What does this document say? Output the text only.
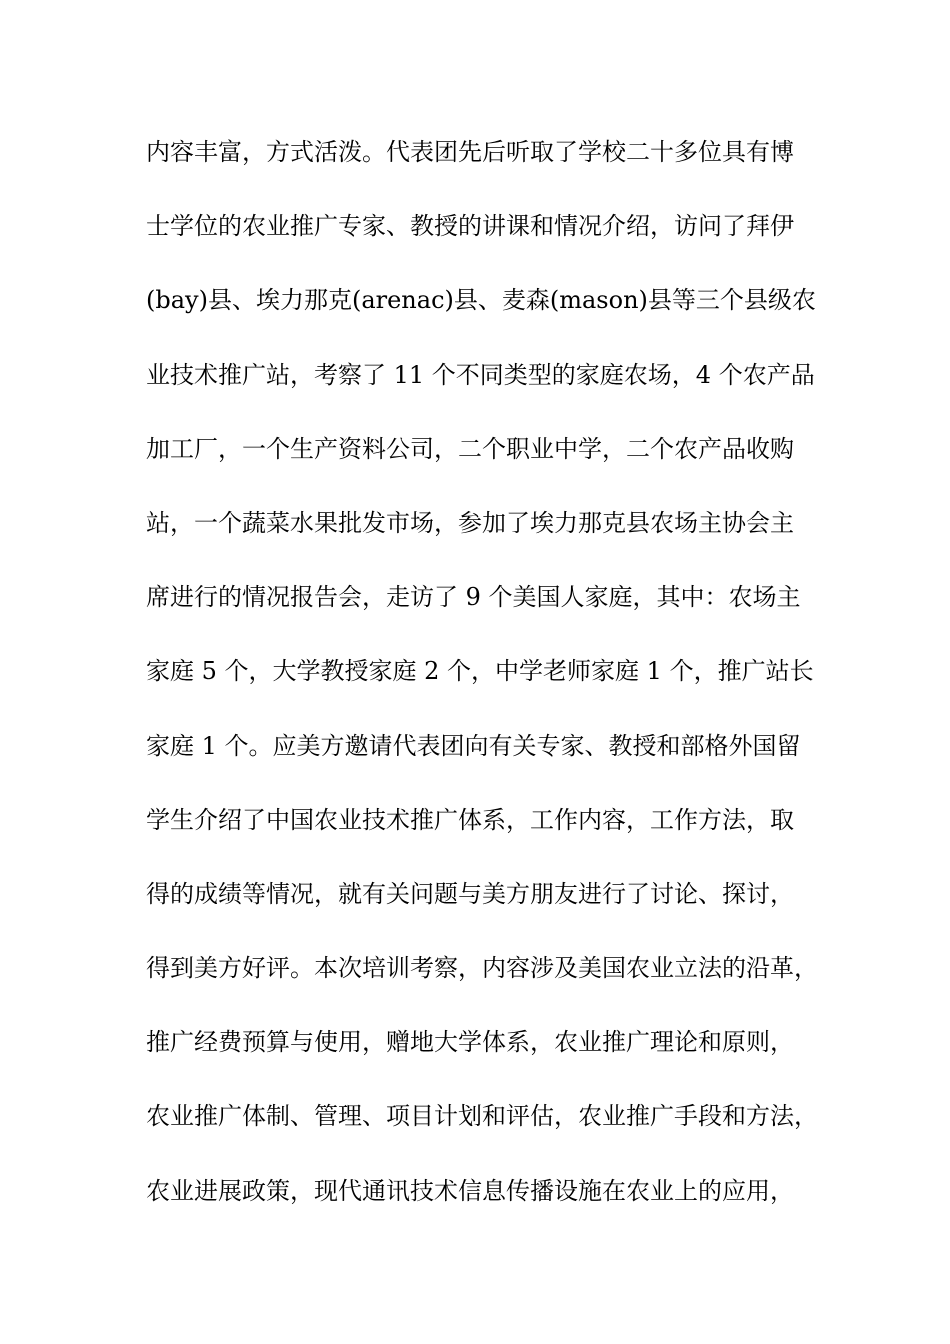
内容丰富，方式活泼。代表团先后听取了学校二十多位具有博
士学位的农业推广专家、教授的讲课和情况介绍，访问了拜伊
(bay)县、埃力那克(arenac)县、麦森(mason)县等三个县级农
业技术推广站，考察了 11 个不同类型的家庭农场，4 个农产品
加工厂，一个生产资料公司，二个职业中学，二个农产品收购
站，一个蔬菜水果批发市场，参加了埃力那克县农场主协会主
席进行的情况报告会，走访了 9 个美国人家庭，其中：农场主
家庭 5 个，大学教授家庭 2 个，中学老师家庭 1 个，推广站长
家庭 1 个。应美方邀请代表团向有关专家、教授和部格外国留
学生介绍了中国农业技术推广体系，工作内容，工作方法，取
得的成绩等情况，就有关问题与美方朋友进行了讨论、探讨，
得到美方好评。本次培训考察，内容涉及美国农业立法的沿革，
推广经费预算与使用，赠地大学体系，农业推广理论和原则，
农业推广体制、管理、项目计划和评估，农业推广手段和方法，
农业进展政策，现代通讯技术信息传播设施在农业上的应用，
